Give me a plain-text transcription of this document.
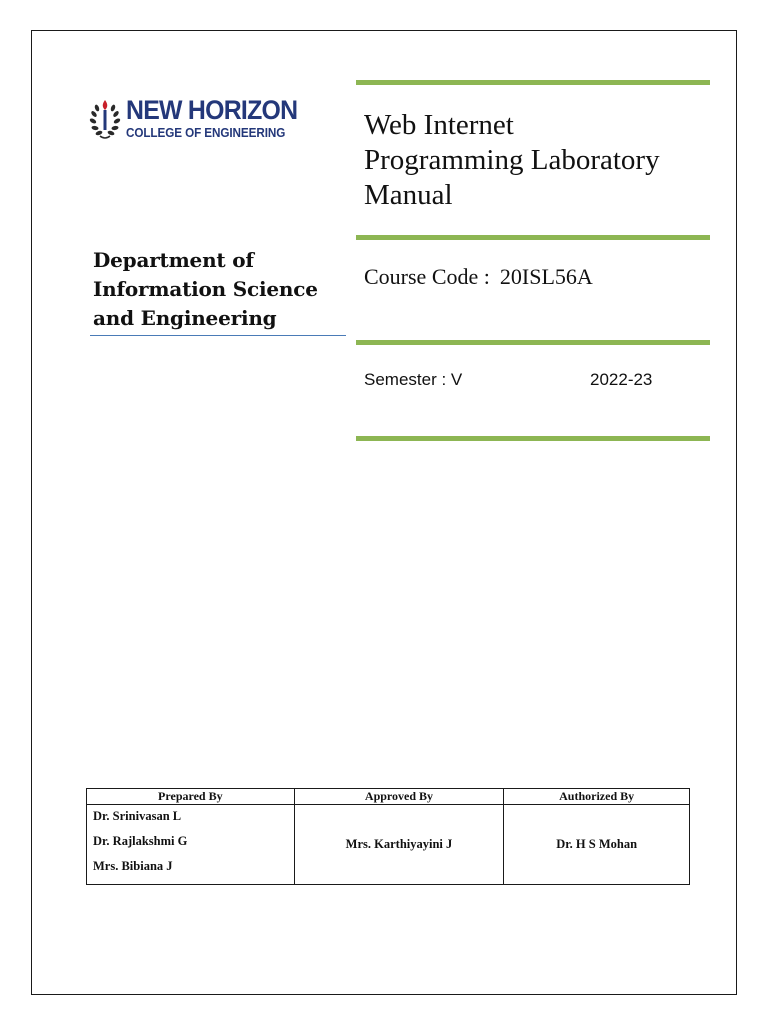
NEW HORIZON
COLLEGE OF ENGINEERING	Web Internet
Programming Laboratory
Manual
Department of
Information Science
and Engineering
Course Code : 20ISL56A
Semester : V	2022-23
Prepared By	Approved By	Authorized By

Dr. Srinivasan L
Dr. Rajlakshmi G
Mrs. Bibiana J	Mrs. Karthiyayini J	Dr. H S Mohan
